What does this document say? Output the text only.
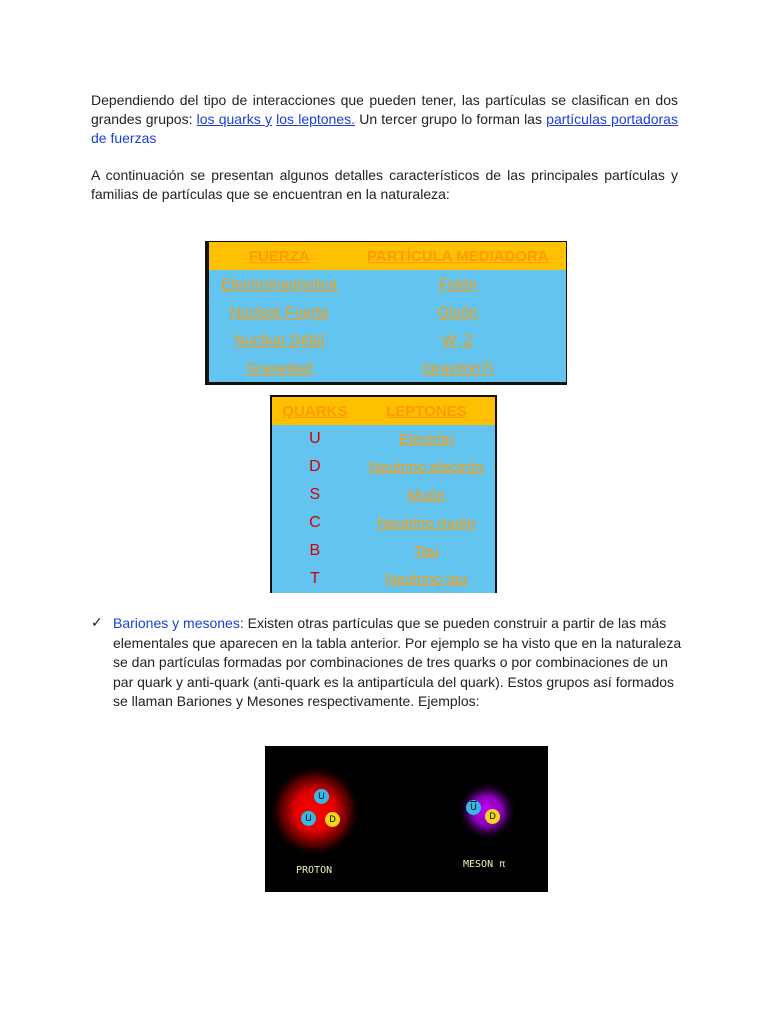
Dependiendo del tipo de interacciones que pueden tener, las partículas se clasifican en dos grandes grupos: los quarks y los leptones. Un tercer grupo lo forman las partículas portadoras de fuerzas
A continuación se presentan algunos detalles característicos de las principales partículas y familias de partículas que se encuentran en la naturaleza:
FUERZA	PARTÍCULA MEDIADORA
Electromagnetica	Fotón
Nuclear Fuerte	Gluón
Nuclear Débil	W, Z
Gravedad	(gravitón?)
QUARKS	LEPTONES
U	Electrón
D	Neutrino electrón
S	Muón
C	Neutrino muón
B	Tau
T	Neutrino tau
✓ Bariones y mesones: Existen otras partículas que se pueden construir a partir de las más elementales que aparecen en la tabla anterior. Por ejemplo se ha visto que en la naturaleza se dan partículas formadas por combinaciones de tres quarks o por combinaciones de un par quark y anti-quark (anti-quark es la antipartícula del quark). Estos grupos así formados se llaman Bariones y Mesones respectivamente. Ejemplos:
U
U	D
PROTON
$\overline{U}$
D
MESON π
